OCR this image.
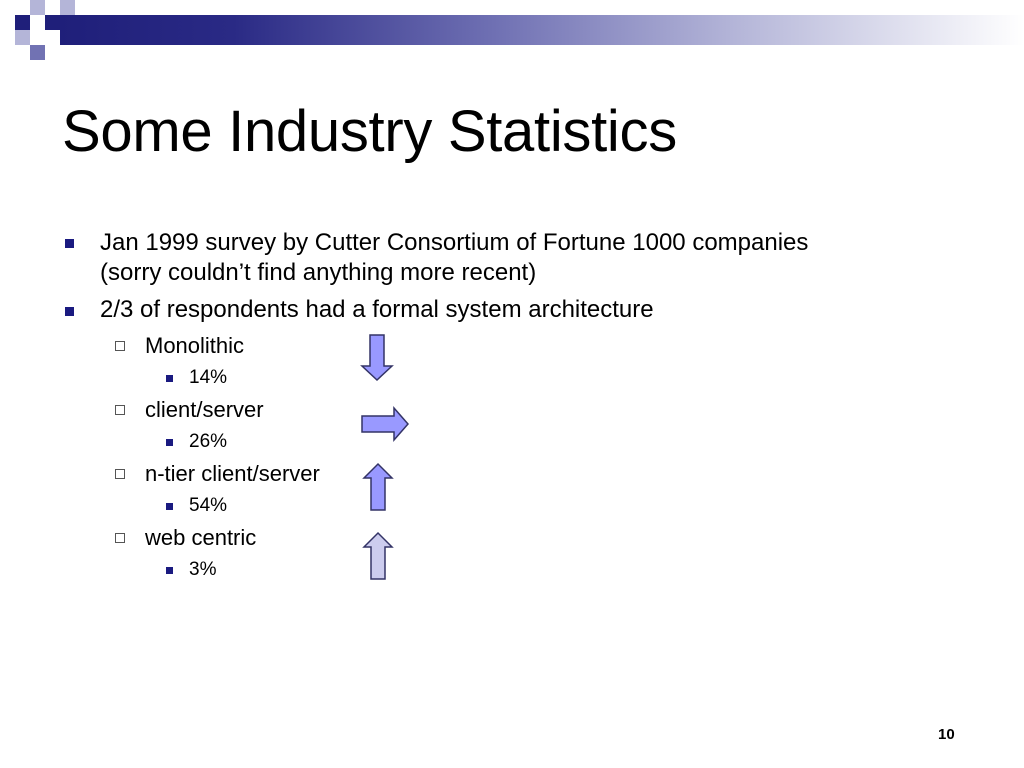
Some Industry Statistics
Jan 1999 survey by Cutter Consortium of Fortune 1000 companies
(sorry couldn’t find anything more recent)
2/3 of respondents had a formal system architecture
Monolithic
14%
client/server
26%
n-tier client/server
54%
web centric
3%
10
